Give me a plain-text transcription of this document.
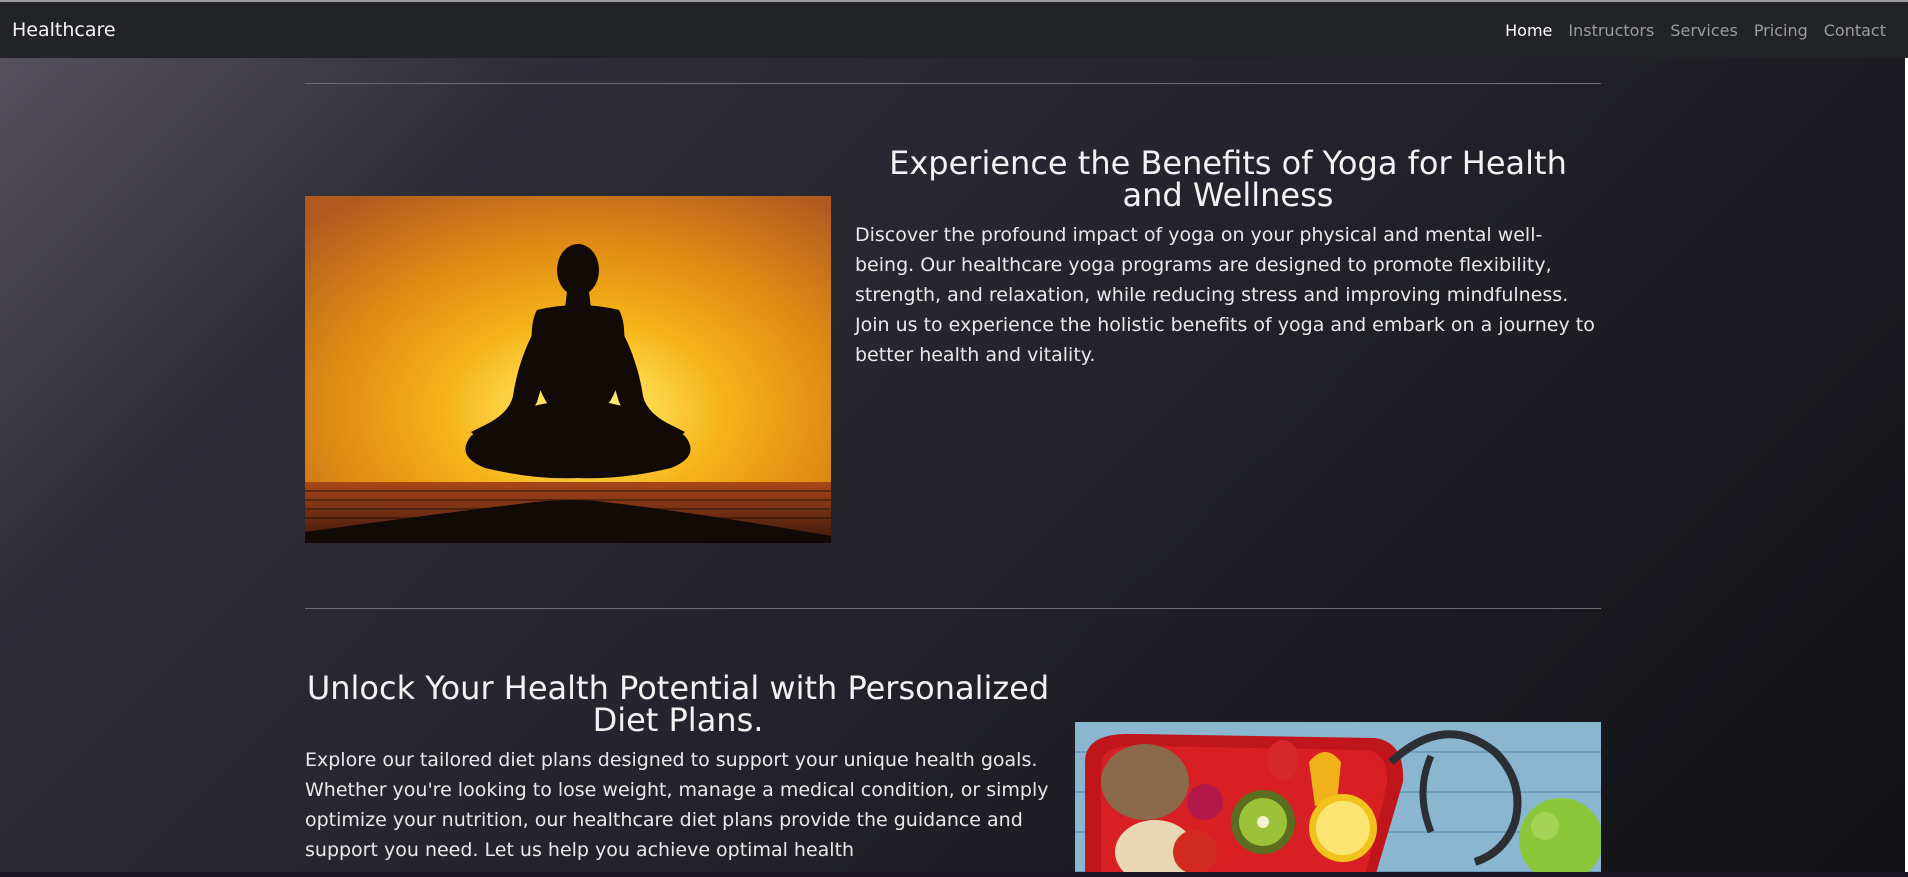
Healthcare	Home Instructors Services Pricing Contact
Experience the Benefits of Yoga for Health and Wellness

Discover the profound impact of yoga on your physical and mental well-being. Our healthcare yoga programs are designed to promote flexibility, strength, and relaxation, while reducing stress and improving mindfulness. Join us to experience the holistic benefits of yoga and embark on a journey to better health and vitality.

Unlock Your Health Potential with Personalized Diet Plans.

Explore our tailored diet plans designed to support your unique health goals. Whether you're looking to lose weight, manage a medical condition, or simply optimize your nutrition, our healthcare diet plans provide the guidance and support you need. Let us help you achieve optimal health
